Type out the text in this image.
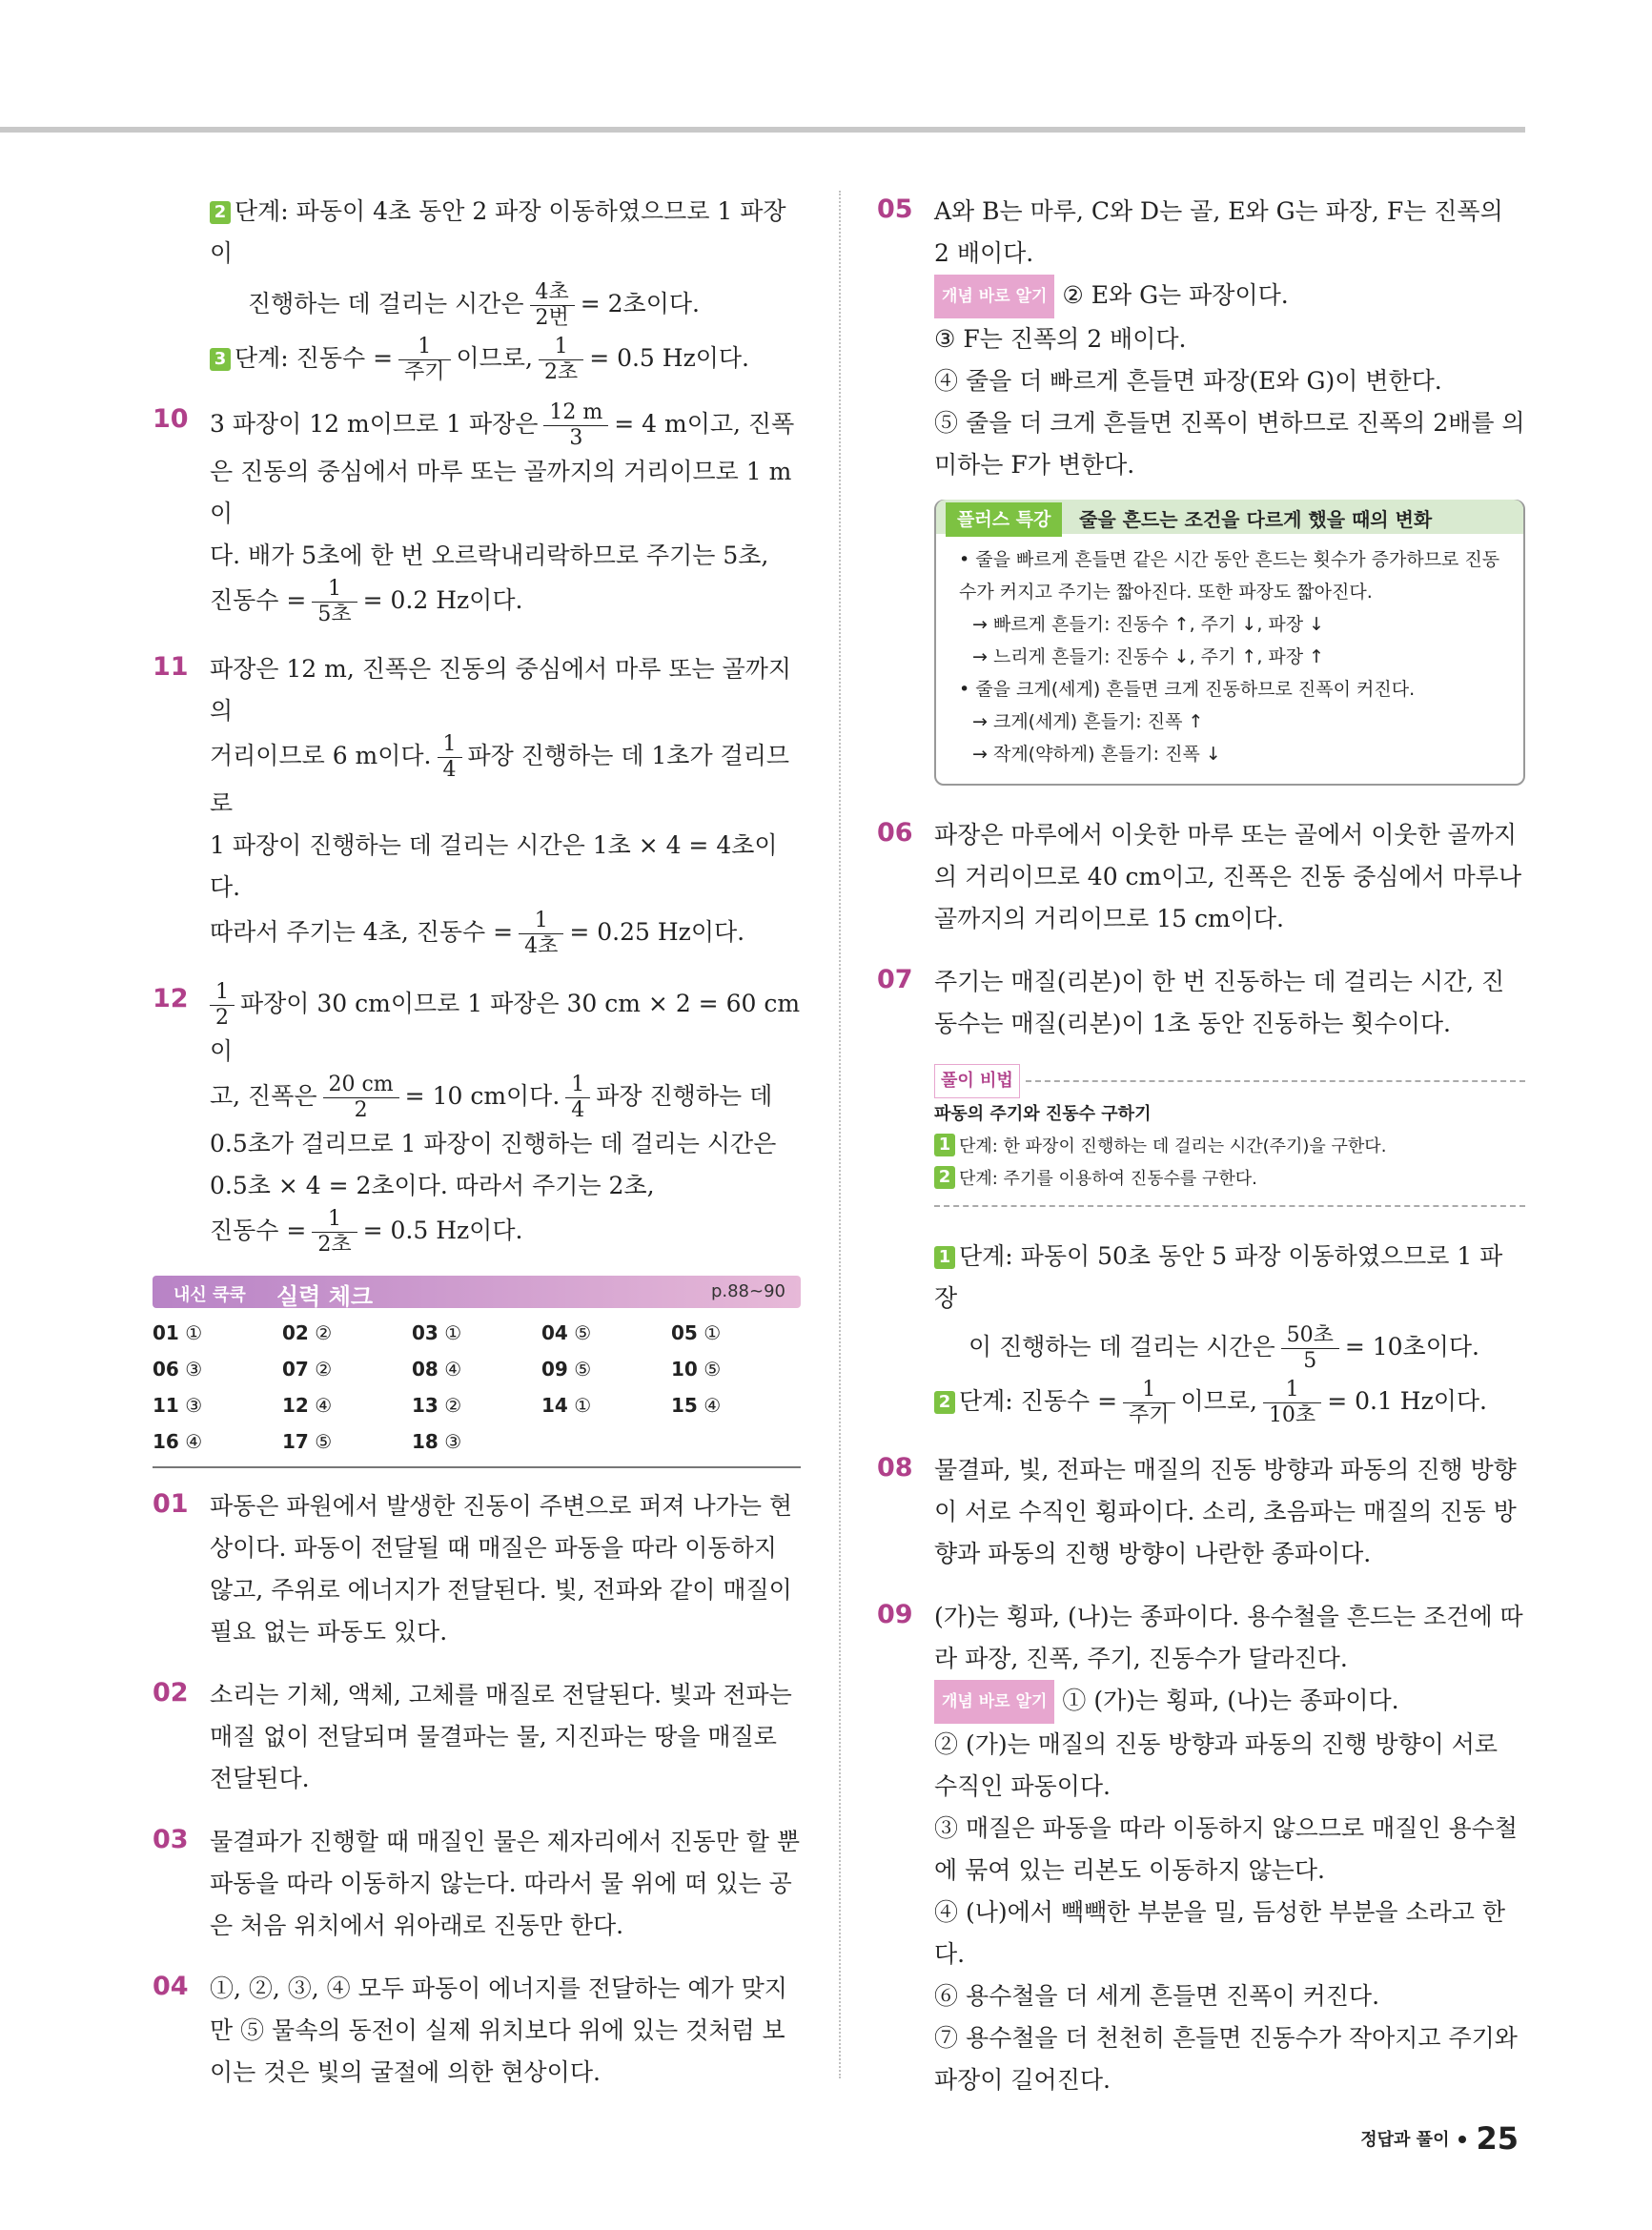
2 단계: 파동이 4초 동안 2 파장 이동하였으므로 1 파장이

진행하는 데 걸리는 시간은 $\frac{\text{4초}}{\text{2번}} = 2$초이다.

3 단계: 진동수 = $\frac{1}{\text{주기}}$ 이므로, $\frac{1}{\text{2초}} = 0.5$ Hz이다.

10 3 파장이 12 m이므로 1 파장은 $\frac{12 m}{3} = 4$ m이고, 진폭

은 진동의 중심에서 마루 또는 골까지의 거리이므로 1 m이

다. 배가 5초에 한 번 오르락내리락하므로 주기는 5초,

진동수 = $\frac{1}{\text{5초}} = 0.2$ Hz이다.

11 파장은 12 m, 진폭은 진동의 중심에서 마루 또는 골까지의

거리이므로 6 m이다. $\frac{1}{4}$ 파장 진행하는 데 1초가 걸리므로

1 파장이 진행하는 데 걸리는 시간은 1초 × 4 = 4초이다.

따라서 주기는 4초, 진동수 = $\frac{1}{\text{4초}} = 0.25$ Hz이다.

$12 \frac{1}{2}$ 파장이 30 cm이므로 1 파장은 30 cm × 2 = 60 cm이

고, 진폭은 $\frac{20 cm}{2} = 10$ cm이다. $\frac{1}{4}$ 파장 진행하는 데

0.5초가 걸리므로 1 파장이 진행하는 데 걸리는 시간은

0.5초 × 4 = 2초이다. 따라서 주기는 2초,

진동수 = $\frac{1}{\text{2초}} = 0.5$ Hz이다.

내신 쿡쿡 실력 체크	p.88~90
01 ①	02 ②	03 ①	04 ⑤	05 ①
06 ③	07 ②	08 ④	09 ⑤	10 ⑤
11 ③	12 ④	13 ②	14 ①	15 ④
16 ④	17 ⑤	18 ③
01 파동은 파원에서 발생한 진동이 주변으로 퍼져 나가는 현상이다. 파동이 전달될 때 매질은 파동을 따라 이동하지 않고, 주위로 에너지가 전달된다. 빛, 전파와 같이 매질이 필요 없는 파동도 있다.

02 소리는 기체, 액체, 고체를 매질로 전달된다. 빛과 전파는 매질 없이 전달되며 물결파는 물, 지진파는 땅을 매질로 전달된다.

03 물결파가 진행할 때 매질인 물은 제자리에서 진동만 할 뿐 파동을 따라 이동하지 않는다. 따라서 물 위에 떠 있는 공은 처음 위치에서 위아래로 진동만 한다.

04 ①, ②, ③, ④ 모두 파동이 에너지를 전달하는 예가 맞지만 ⑤ 물속의 동전이 실제 위치보다 위에 있는 것처럼 보이는 것은 빛의 굴절에 의한 현상이다.

05 A와 B는 마루, C와 D는 골, E와 G는 파장, F는 진폭의 2 배이다.

개념 바로 알기 ② E와 G는 파장이다.

③ F는 진폭의 2 배이다.

④ 줄을 더 빠르게 흔들면 파장(E와 G)이 변한다.

⑤ 줄을 더 크게 흔들면 진폭이 변하므로 진폭의 2배를 의미하는 F가 변한다.

플러스 특강	줄을 흔드는 조건을 다르게 했을 때의 변화
• 줄을 빠르게 흔들면 같은 시간 동안 흔드는 횟수가 증가하므로 진동수가 커지고 주기는 짧아진다. 또한 파장도 짧아진다.
→ 빠르게 흔들기: 진동수 ↑, 주기 ↓, 파장 ↓
→ 느리게 흔들기: 진동수 ↓, 주기 ↑, 파장 ↑
• 줄을 크게(세게) 흔들면 크게 진동하므로 진폭이 커진다.
→ 크게(세게) 흔들기: 진폭 ↑
→ 작게(약하게) 흔들기: 진폭 ↓
06 파장은 마루에서 이웃한 마루 또는 골에서 이웃한 골까지의 거리이므로 40 cm이고, 진폭은 진동 중심에서 마루나 골까지의 거리이므로 15 cm이다.

07 주기는 매질(리본)이 한 번 진동하는 데 걸리는 시간, 진동수는 매질(리본)이 1초 동안 진동하는 횟수이다.

풀이 비법
파동의 주기와 진동수 구하기
1 단계: 한 파장이 진행하는 데 걸리는 시간(주기)을 구한다.
2 단계: 주기를 이용하여 진동수를 구한다.

1 단계: 파동이 50초 동안 5 파장 이동하였으므로 1 파장

이 진행하는 데 걸리는 시간은 $\frac{\text{50초}}{5} = 10$초이다.

2 단계: 진동수 = $\frac{1}{\text{주기}}$ 이므로, $\frac{1}{\text{10초}} = 0.1$ Hz이다.

08 물결파, 빛, 전파는 매질의 진동 방향과 파동의 진행 방향이 서로 수직인 횡파이다. 소리, 초음파는 매질의 진동 방향과 파동의 진행 방향이 나란한 종파이다.

09 (가)는 횡파, (나)는 종파이다. 용수철을 흔드는 조건에 따라 파장, 진폭, 주기, 진동수가 달라진다.

개념 바로 알기 ① (가)는 횡파, (나)는 종파이다.

② (가)는 매질의 진동 방향과 파동의 진행 방향이 서로 수직인 파동이다.

③ 매질은 파동을 따라 이동하지 않으므로 매질인 용수철에 묶여 있는 리본도 이동하지 않는다.

④ (나)에서 빽빽한 부분을 밀, 듬성한 부분을 소라고 한다.

⑥ 용수철을 더 세게 흔들면 진폭이 커진다.

⑦ 용수철을 더 천천히 흔들면 진동수가 작아지고 주기와 파장이 길어진다.

정답과 풀이 25
